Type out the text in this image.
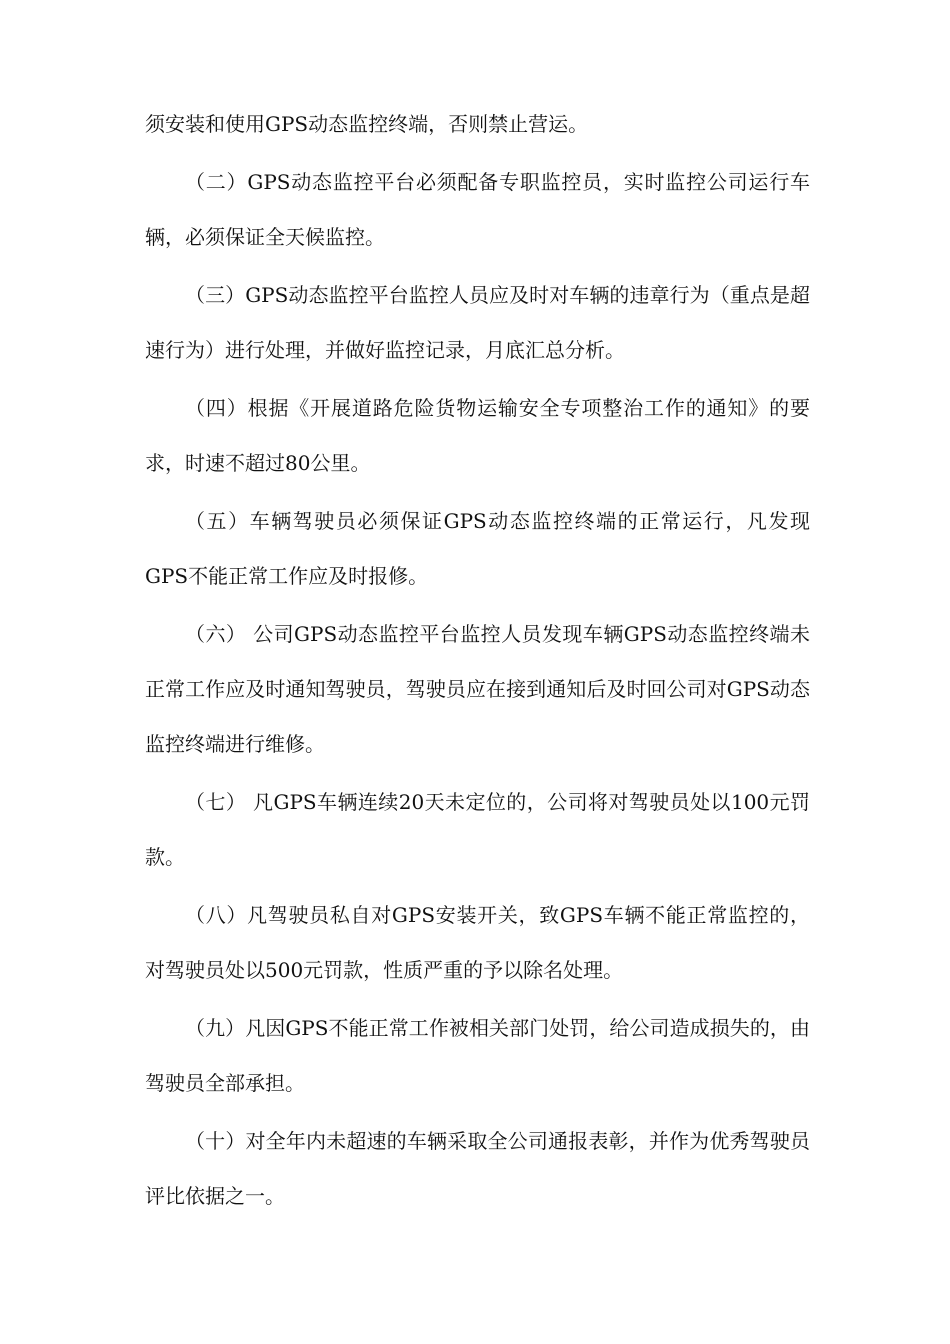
须安装和使用GPS动态监控终端，否则禁止营运。

（二）GPS动态监控平台必须配备专职监控员，实时监控公司运行车辆，必须保证全天候监控。

（三）GPS动态监控平台监控人员应及时对车辆的违章行为（重点是超速行为）进行处理，并做好监控记录，月底汇总分析。

（四）根据《开展道路危险货物运输安全专项整治工作的通知》的要求，时速不超过80公里。

（五）车辆驾驶员必须保证GPS动态监控终端的正常运行，凡发现GPS不能正常工作应及时报修。

（六） 公司GPS动态监控平台监控人员发现车辆GPS动态监控终端未正常工作应及时通知驾驶员，驾驶员应在接到通知后及时回公司对GPS动态监控终端进行维修。

（七） 凡GPS车辆连续20天未定位的，公司将对驾驶员处以100元罚款。

（八）凡驾驶员私自对GPS安装开关，致GPS车辆不能正常监控的，对驾驶员处以500元罚款，性质严重的予以除名处理。

（九）凡因GPS不能正常工作被相关部门处罚，给公司造成损失的，由驾驶员全部承担。

（十）对全年内未超速的车辆采取全公司通报表彰，并作为优秀驾驶员评比依据之一。
